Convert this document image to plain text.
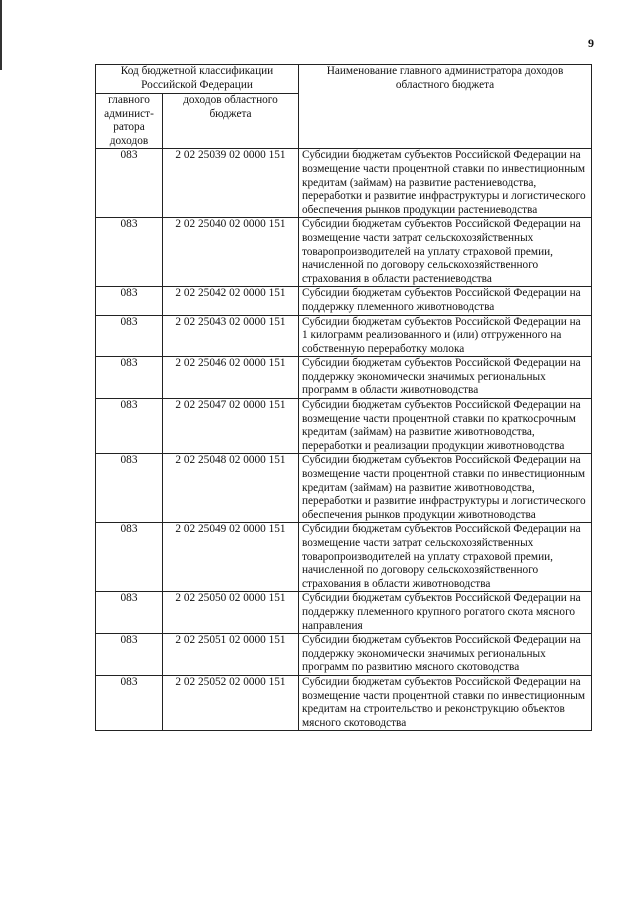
9
Код бюджетной классификации Российской Федерации		Наименование главного администратора доходов областного бюджета
главного админист-ратора доходов	доходов областного бюджета	
083	2 02 25039 02 0000 151	Субсидии бюджетам субъектов Российской Федерации на возмещение части процентной ставки по инвестиционным кредитам (займам) на развитие растениеводства, переработки и развитие инфраструктуры и логистического обеспечения рынков продукции растениеводства
083	2 02 25040 02 0000 151	Субсидии бюджетам субъектов Российской Федерации на возмещение части затрат сельскохозяйственных товаропроизводителей на уплату страховой премии, начисленной по договору сельскохозяйственного страхования в области растениеводства
083	2 02 25042 02 0000 151	Субсидии бюджетам субъектов Российской Федерации на поддержку племенного животноводства
083	2 02 25043 02 0000 151	Субсидии бюджетам субъектов Российской Федерации на 1 килограмм реализованного и (или) отгруженного на собственную переработку молока
083	2 02 25046 02 0000 151	Субсидии бюджетам субъектов Российской Федерации на поддержку экономически значимых региональных программ в области животноводства
083	2 02 25047 02 0000 151	Субсидии бюджетам субъектов Российской Федерации на возмещение части процентной ставки по краткосрочным кредитам (займам) на развитие животноводства, переработки и реализации продукции животноводства
083	2 02 25048 02 0000 151	Субсидии бюджетам субъектов Российской Федерации на возмещение части процентной ставки по инвестиционным кредитам (займам) на развитие животноводства, переработки и развитие инфраструктуры и логистического обеспечения рынков продукции животноводства
083	2 02 25049 02 0000 151	Субсидии бюджетам субъектов Российской Федерации на возмещение части затрат сельскохозяйственных товаропроизводителей на уплату страховой премии, начисленной по договору сельскохозяйственного страхования в области животноводства
083	2 02 25050 02 0000 151	Субсидии бюджетам субъектов Российской Федерации на поддержку племенного крупного рогатого скота мясного направления
083	2 02 25051 02 0000 151	Субсидии бюджетам субъектов Российской Федерации на поддержку экономически значимых региональных программ по развитию мясного скотоводства
083	2 02 25052 02 0000 151	Субсидии бюджетам субъектов Российской Федерации на возмещение части процентной ставки по инвестиционным кредитам на строительство и реконструкцию объектов мясного скотоводства
